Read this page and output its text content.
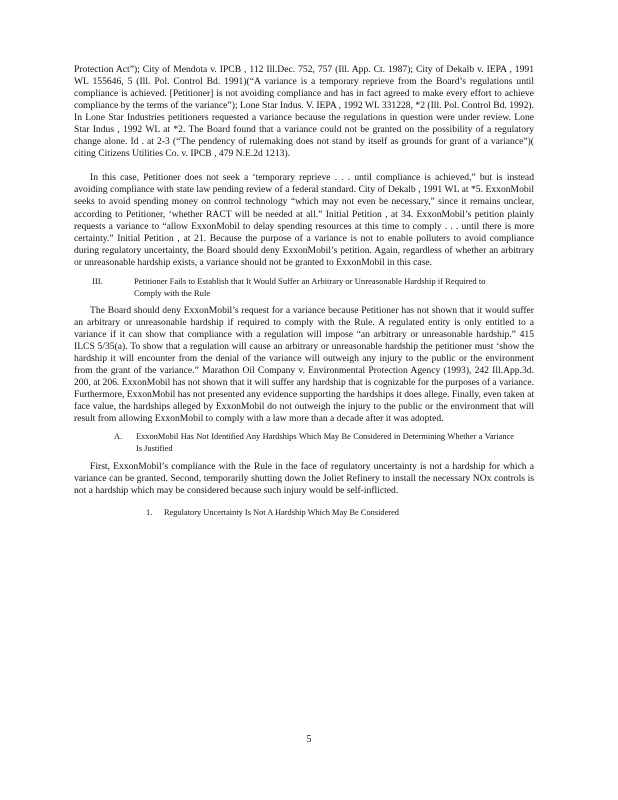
Protection Act”); City of Mendota v. IPCB , 112 Ill.Dec. 752, 757 (Ill. App. Ct. 1987); City of Dekalb v. IEPA , 1991 WL 155646, 5 (Ill. Pol. Control Bd. 1991)(“A variance is a temporary reprieve from the Board’s regulations until compliance is achieved. [Petitioner] is not avoiding compliance and has in fact agreed to make every effort to achieve compliance by the terms of the variance”); Lone Star Indus. V. IEPA , 1992 WL 331228, *2 (Ill. Pol. Control Bd. 1992). In Lone Star Industries petitioners requested a variance because the regulations in question were under review. Lone Star Indus , 1992 WL at *2. The Board found that a variance could not be granted on the possibility of a regulatory change alone. Id . at 2-3 (“The pendency of rulemaking does not stand by itself as grounds for grant of a variance”)( citing Citizens Utilities Co. v. IPCB , 479 N.E.2d 1213).

In this case, Petitioner does not seek a ‘temporary reprieve . . . until compliance is achieved,” but is instead avoiding compliance with state law pending review of a federal standard. City of Dekalb , 1991 WL at *5. ExxonMobil seeks to avoid spending money on control technology “which may not even be necessary,” since it remains unclear, according to Petitioner, ‘whether RACT will be needed at all.” Initial Petition , at 34. ExxonMobil’s petition plainly requests a variance to “allow ExxonMobil to delay spending resources at this time to comply . . . until there is more certainty.” Initial Petition , at 21. Because the purpose of a variance is not to enable polluters to avoid compliance during regulatory uncertainty, the Board should deny ExxonMobil’s petition. Again, regardless of whether an arbitrary or unreasonable hardship exists, a variance should not be granted to ExxonMobil in this case.

III.	Petitioner Fails to Establish that It Would Suffer an Arbitrary or Unreasonable Hardship if Required to Comply with the Rule

The Board should deny ExxonMobil’s request for a variance because Petitioner has not shown that it would suffer an arbitrary or unreasonable hardship if required to comply with the Rule. A regulated entity is only entitled to a variance if it can show that compliance with a regulation will impose “an arbitrary or unreasonable hardship.” 415 ILCS 5/35(a). To show that a regulation will cause an arbitrary or unreasonable hardship the petitioner must ‘show the hardship it will encounter from the denial of the variance will outweigh any injury to the public or the environment from the grant of the variance.” Marathon Oil Company v. Environmental Protection Agency (1993), 242 Ill.App.3d. 200, at 206. ExxonMobil has not shown that it will suffer any hardship that is cognizable for the purposes of a variance. Furthermore, ExxonMobil has not presented any evidence supporting the hardships it does allege. Finally, even taken at face value, the hardships alleged by ExxonMobil do not outweigh the injury to the public or the environment that will result from allowing ExxonMobil to comply with a law more than a decade after it was adopted.

A.	ExxonMobil Has Not Identified Any Hardships Which May Be Considered in Determining Whether a Variance Is Justified

First, ExxonMobil’s compliance with the Rule in the face of regulatory uncertainty is not a hardship for which a variance can be granted. Second, temporarily shutting down the Joliet Refinery to install the necessary NOx controls is not a hardship which may be considered because such injury would be self-inflicted.

1.	Regulatory Uncertainty Is Not A Hardship Which May Be Considered
5
